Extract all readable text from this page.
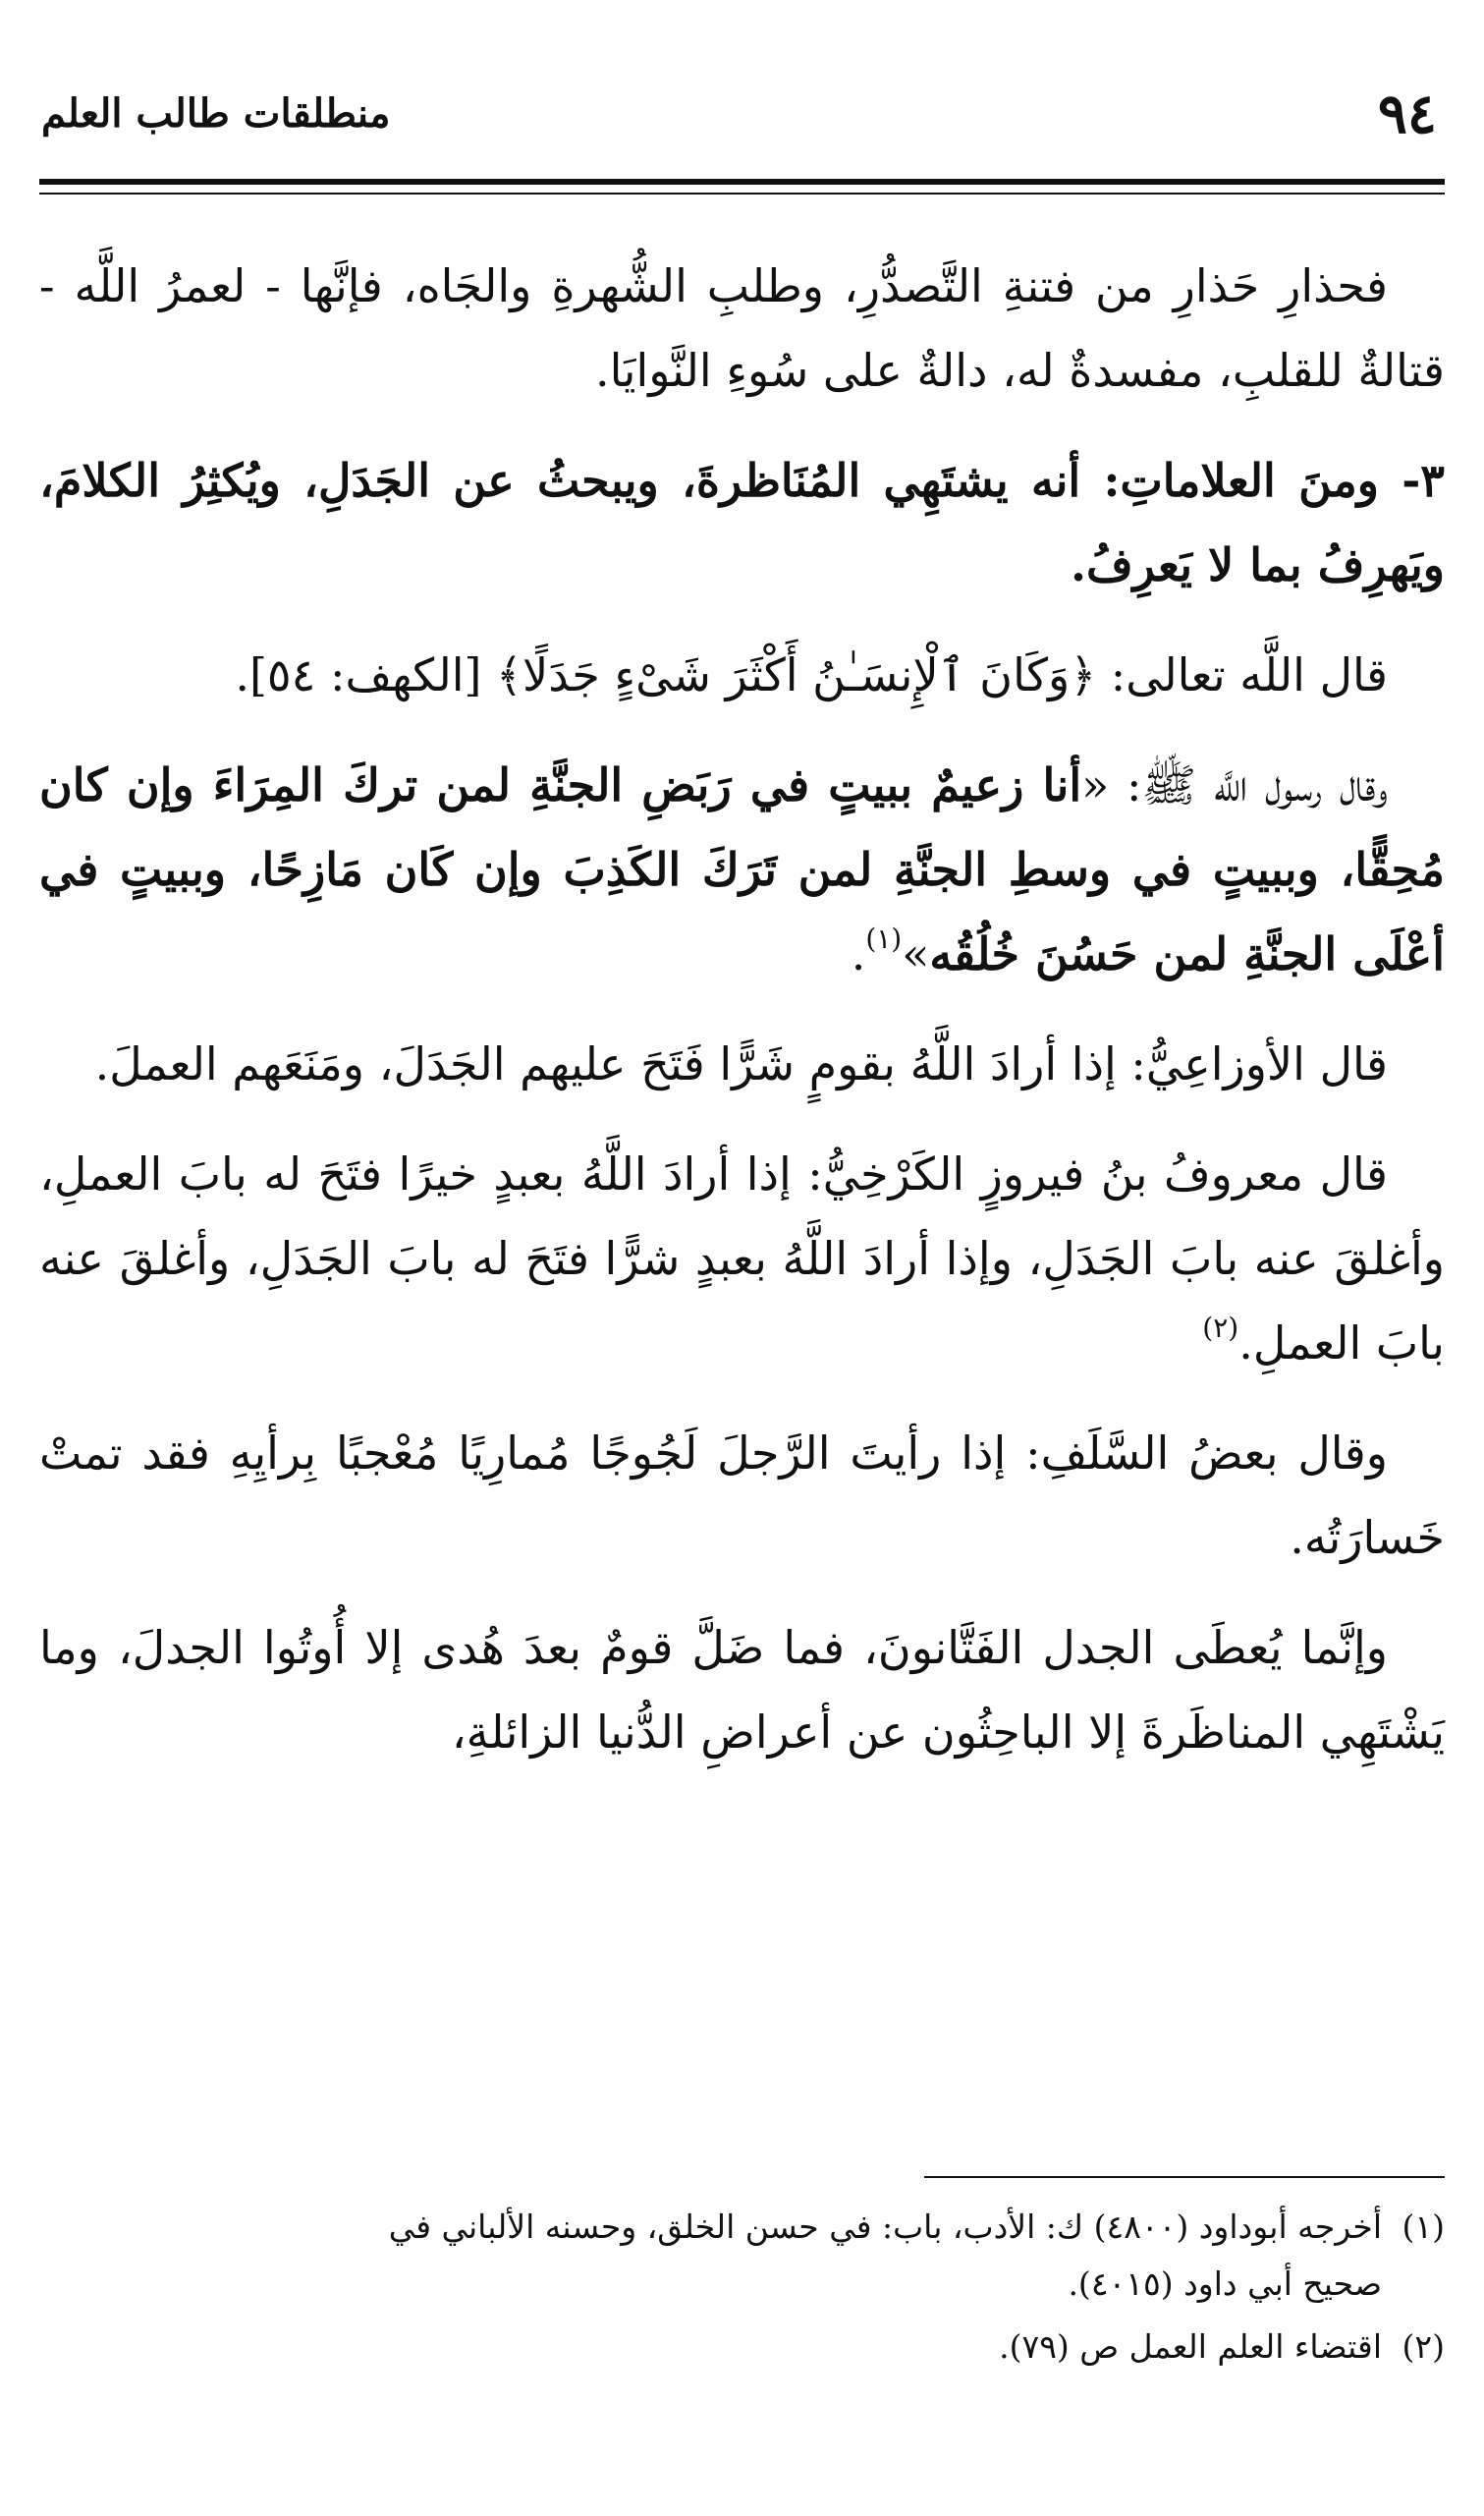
٩٤
منطلقات طالب العلم

فحذارِ حَذارِ من فتنةِ التَّصدُّرِ، وطلبِ الشُّهرةِ والجَاه، فإنَّها - لعمرُ اللَّه - قتالةٌ للقلبِ، مفسدةٌ له، دالةٌ على سُوءِ النَّوايَا.

٣- ومنَ العلاماتِ: أنه يشتَهِي المُنَاظرةَ، ويبحثُ عن الجَدَلِ، ويُكثِرُ الكلامَ، ويَهرِفُ بما لا يَعرِفُ.

قال اللَّه تعالى: ﴿وَكَانَ ٱلْإِنسَـٰنُ أَكْثَرَ شَىْءٍ جَدَلًا﴾ [الكهف: ٥٤].

وقال رسول اللَّه ﷺ: «أنا زعيمٌ ببيتٍ في رَبَضِ الجنَّةِ لمن تركَ المِرَاءَ وإن كان مُحِقًّا، وببيتٍ في وسطِ الجنَّةِ لمن تَرَكَ الكَذِبَ وإن كَان مَازِحًا، وببيتٍ في أعْلَى الجنَّةِ لمن حَسُنَ خُلُقُه»$^{(١)}$.

قال الأوزاعِيُّ: إذا أرادَ اللَّهُ بقومٍ شَرًّا فَتَحَ عليهم الجَدَلَ، ومَنَعَهم العملَ.

قال معروفُ بنُ فيروزٍ الكَرْخِيُّ: إذا أرادَ اللَّهُ بعبدٍ خيرًا فتَحَ له بابَ العملِ، وأغلقَ عنه بابَ الجَدَلِ، وإذا أرادَ اللَّهُ بعبدٍ شرًّا فتَحَ له بابَ الجَدَلِ، وأغلقَ عنه بابَ العملِ.$^{(٢)}$

وقال بعضُ السَّلَفِ: إذا رأيتَ الرَّجلَ لَجُوجًا مُمارِيًا مُعْجبًا بِرأيِهِ فقد تمتْ خَسارَتُه.

وإنَّما يُعطَى الجدل الفَتَّانونَ، فما ضَلَّ قومٌ بعدَ هُدى إلا أُوتُوا الجدلَ، وما يَشْتَهِي المناظَرةَ إلا الباحِثُون عن أعراضِ الدُّنيا الزائلةِ،

(١)أخرجه أبوداود (٤٨٠٠) ك: الأدب، باب: في حسن الخلق، وحسنه الألباني في
صحيح أبي داود (٤٠١٥).
(٢)اقتضاء العلم العمل ص (٧٩).
